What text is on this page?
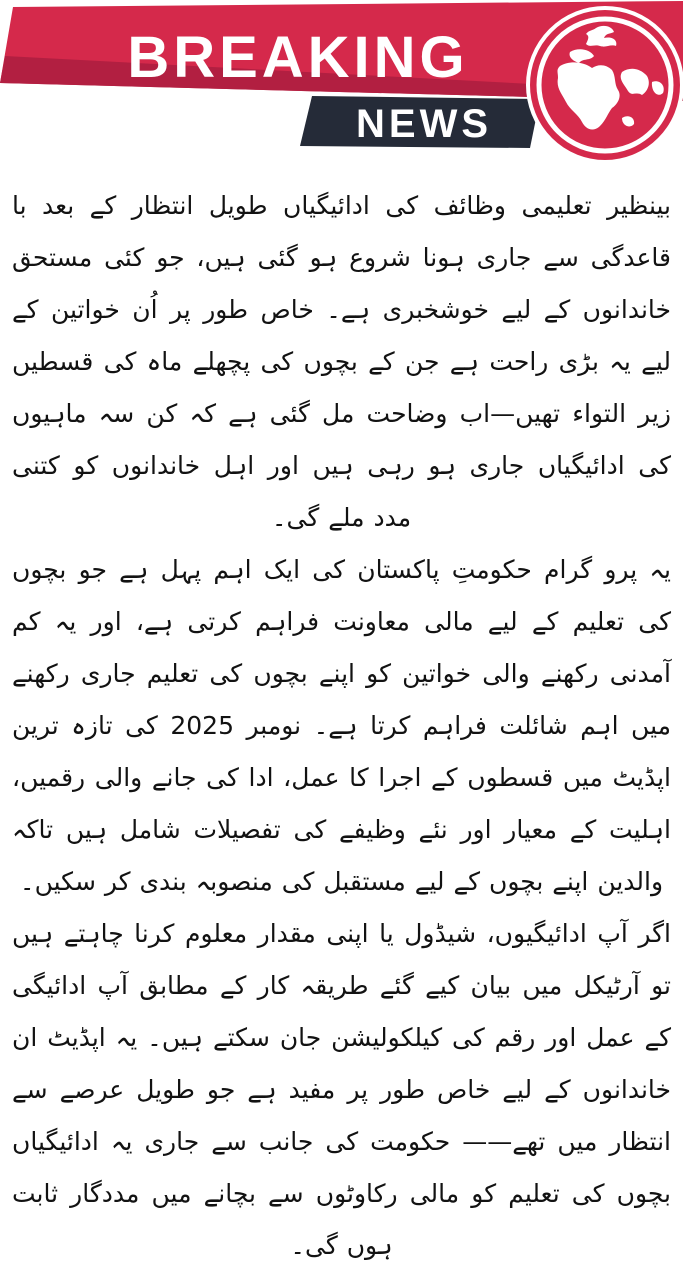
BREAKING
NEWS

بینظیر تعلیمی وظائف کی ادائیگیاں طویل انتظار کے بعد با قاعدگی سے جاری ہونا شروع ہو گئی ہیں، جو کئی مستحق خاندانوں کے لیے خوشخبری ہے۔ خاص طور پر اُن خواتین کے لیے یہ بڑی راحت ہے جن کے بچوں کی پچھلے ماہ کی قسطیں زیر التواء تھیں—اب وضاحت مل گئی ہے کہ کن سہ ماہیوں کی ادائیگیاں جاری ہو رہی ہیں اور اہل خاندانوں کو کتنی مدد ملے گی۔

یہ پرو گرام حکومتِ پاکستان کی ایک اہم پہل ہے جو بچوں کی تعلیم کے لیے مالی معاونت فراہم کرتی ہے، اور یہ کم آمدنی رکھنے والی خواتین کو اپنے بچوں کی تعلیم جاری رکھنے میں اہم شائلت فراہم کرتا ہے۔ نومبر 2025 کی تازہ ترین اپڈیٹ میں قسطوں کے اجرا کا عمل، ادا کی جانے والی رقمیں، اہلیت کے معیار اور نئے وظیفے کی تفصیلات شامل ہیں تاکہ والدین اپنے بچوں کے لیے مستقبل کی منصوبہ بندی کر سکیں۔

اگر آپ ادائیگیوں، شیڈول یا اپنی مقدار معلوم کرنا چاہتے ہیں تو آرٹیکل میں بیان کیے گئے طریقہ کار کے مطابق آپ ادائیگی کے عمل اور رقم کی کیلکولیشن جان سکتے ہیں۔ یہ اپڈیٹ ان خاندانوں کے لیے خاص طور پر مفید ہے جو طویل عرصے سے انتظار میں تھے—— حکومت کی جانب سے جاری یہ ادائیگیاں بچوں کی تعلیم کو مالی رکاوٹوں سے بچانے میں مددگار ثابت ہوں گی۔
